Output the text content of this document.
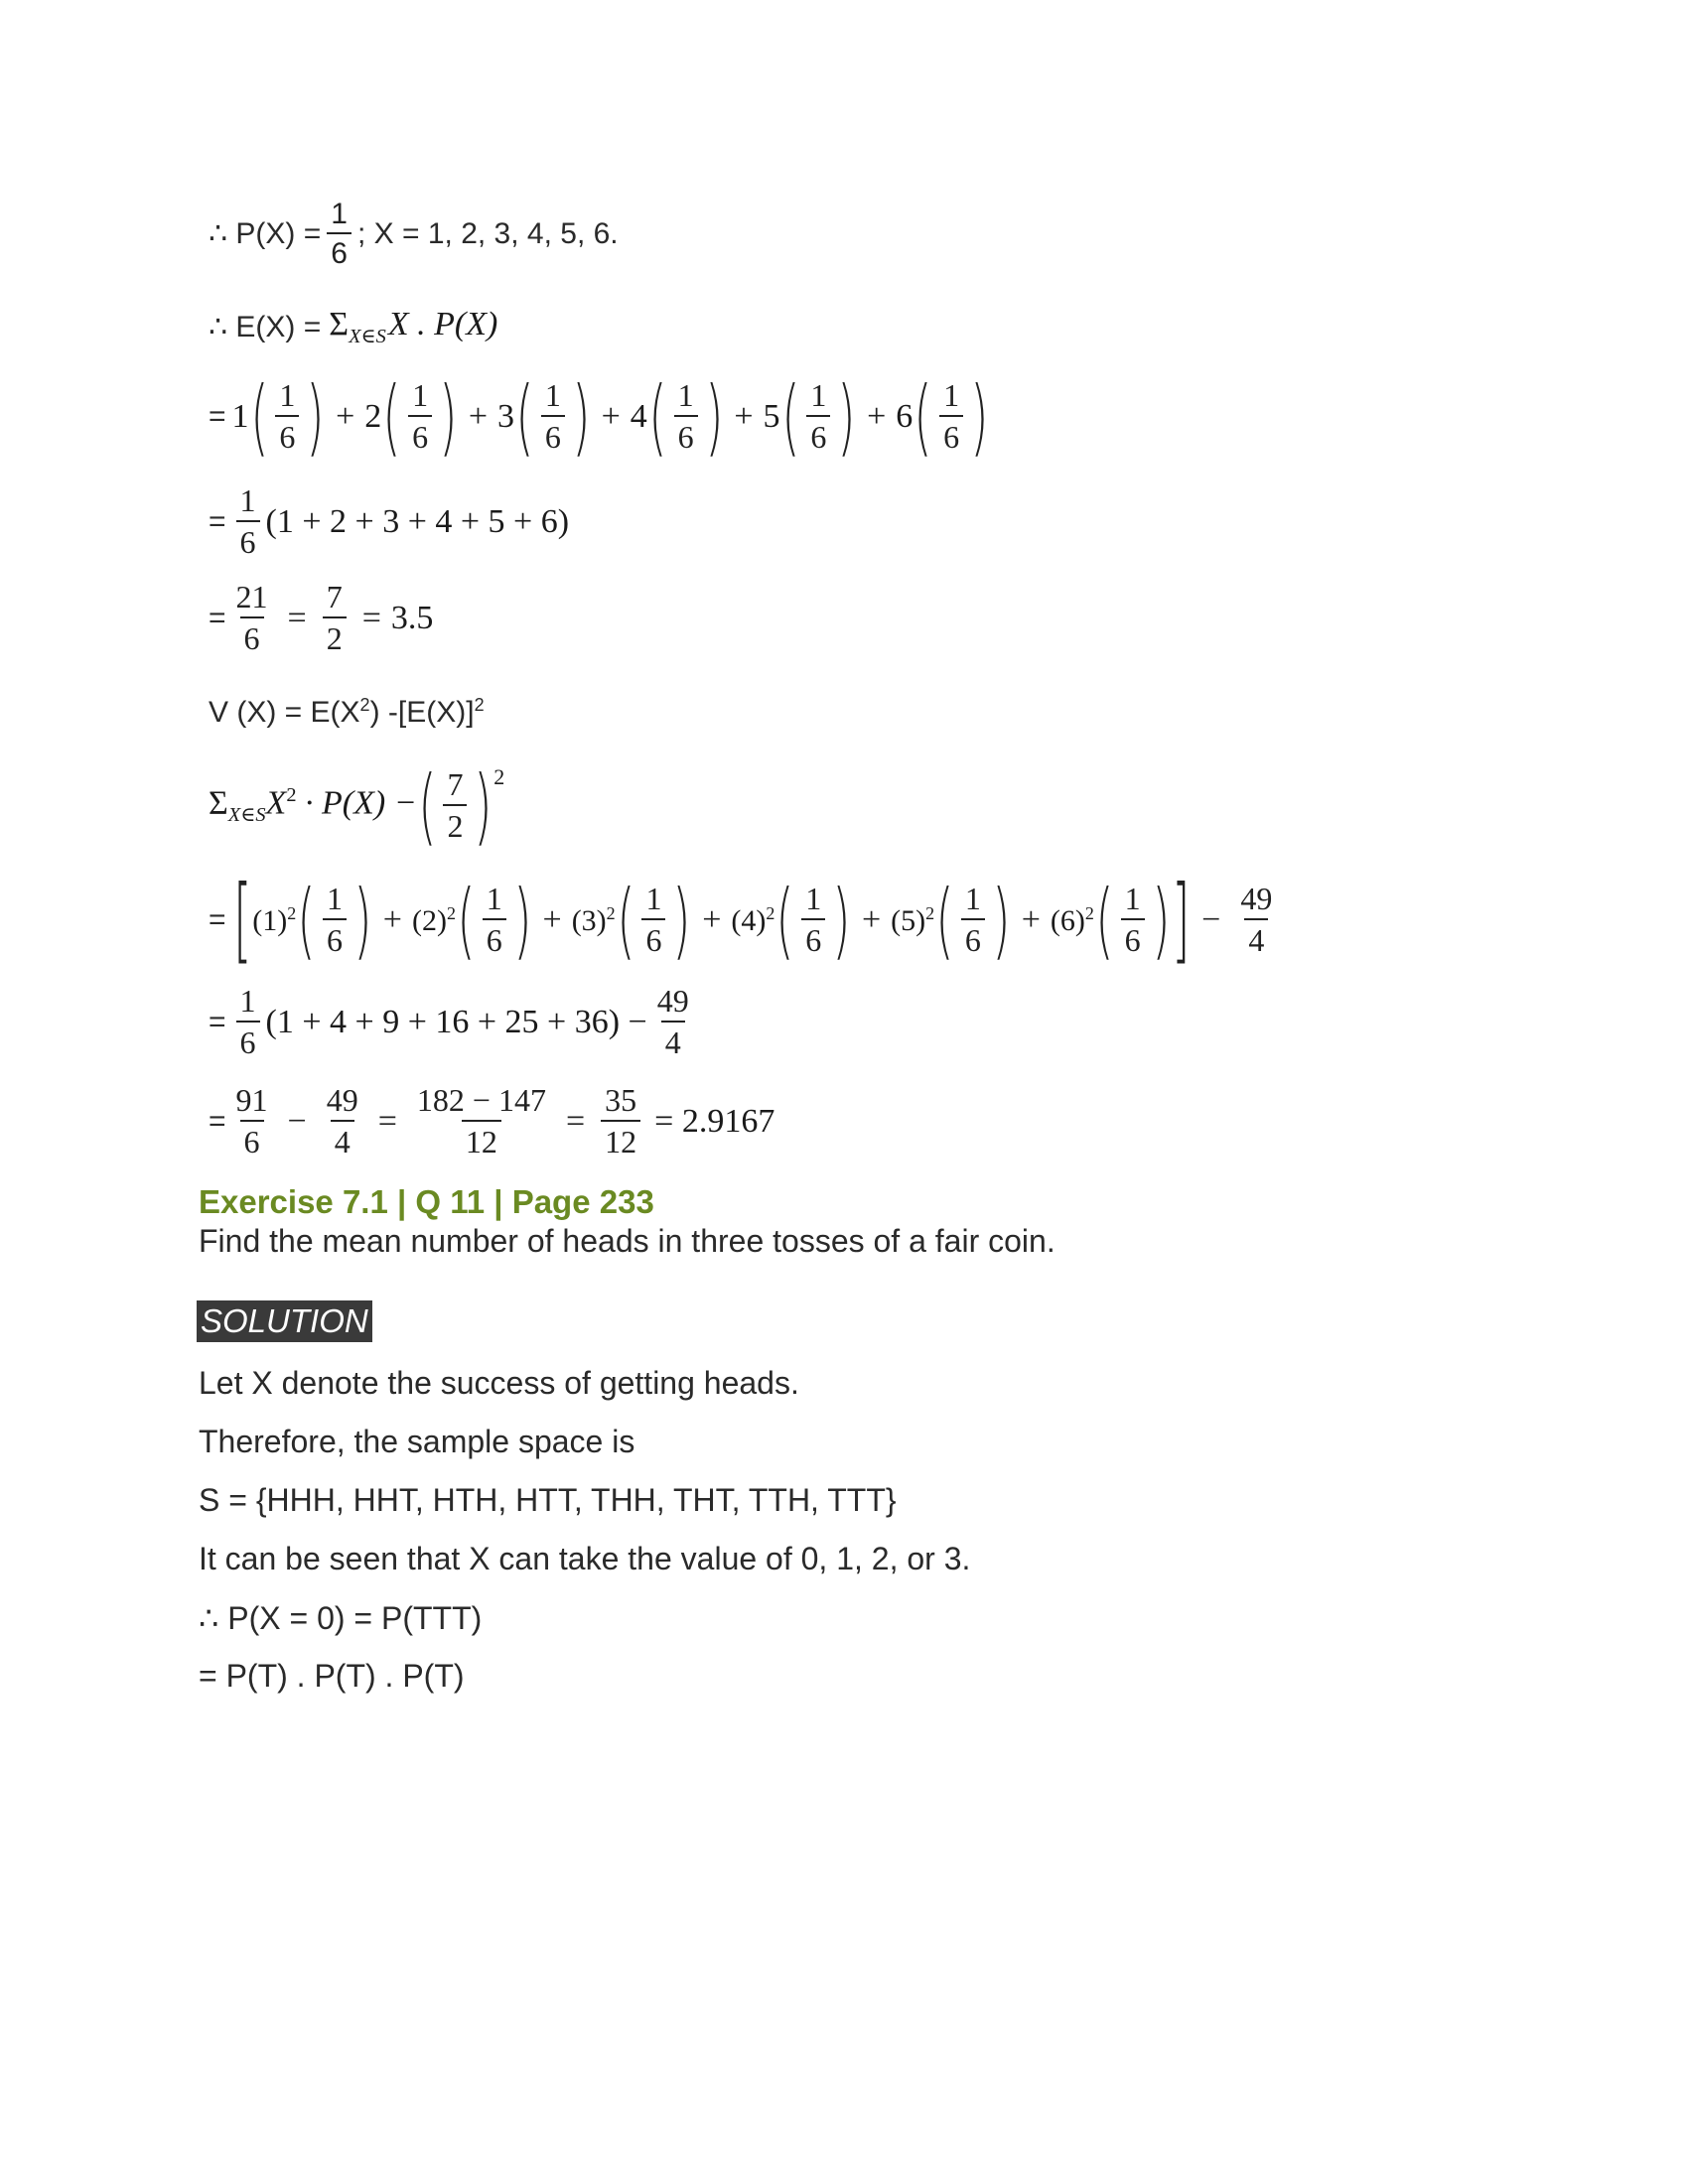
∴ $P(X) = \frac{1}{6}$ ; X = 1, 2, 3, 4, 5, 6.
∴ $E(X) = \Sigma_{X\in S}X$ . P(X)
= 1 ( $\frac{1}{6}$ ) + 2 ( $\frac{1}{6}$ ) + 3 ( $\frac{1}{6}$ ) + 4 ( $\frac{1}{6}$ ) + 5 ( $\frac{1}{6}$ ) + 6 ( $\frac{1}{6}$ )
= $\frac{1}{6} (1 + 2 + 3 + 4 + 5 + 6)$
= $\frac{21}{6} = \frac{7}{2} = 3.5$
V $(X) = E(X^2)$ $-[E(X)]^2$
$\Sigma_{X\in S}X^2 \cdot P(X)$ − ( $\frac{7}{2}$ ) 2
= [ $(1)^2$ ( $\frac{1}{6}$ ) + $(2)^2$ ( $\frac{1}{6}$ ) + $(3)^2$ ( $\frac{1}{6}$ ) + $(4)^2$ ( $\frac{1}{6}$ ) + $(5)^2$ ( $\frac{1}{6}$ ) + $(6)^2$ ( $\frac{1}{6}$ ) ] − $\frac{49}{4}$
= $\frac{1}{6} (1 + 4 + 9 + 16 + 25 + 36) - \frac{49}{4}$
= $\frac{91}{6} - \frac{49}{4} = \frac{182 - 147}{12} = \frac{35}{12} = 2.9167$
Exercise 7.1 | Q 11 | Page 233
Find the mean number of heads in three tosses of a fair coin.
SOLUTION
Let X denote the success of getting heads.
Therefore, the sample space is
S = {HHH, HHT, HTH, HTT, THH, THT, TTH, TTT}
It can be seen that X can take the value of 0, 1, 2, or 3.
∴ P(X = 0) = P(TTT)
= P(T) . P(T) . P(T)
